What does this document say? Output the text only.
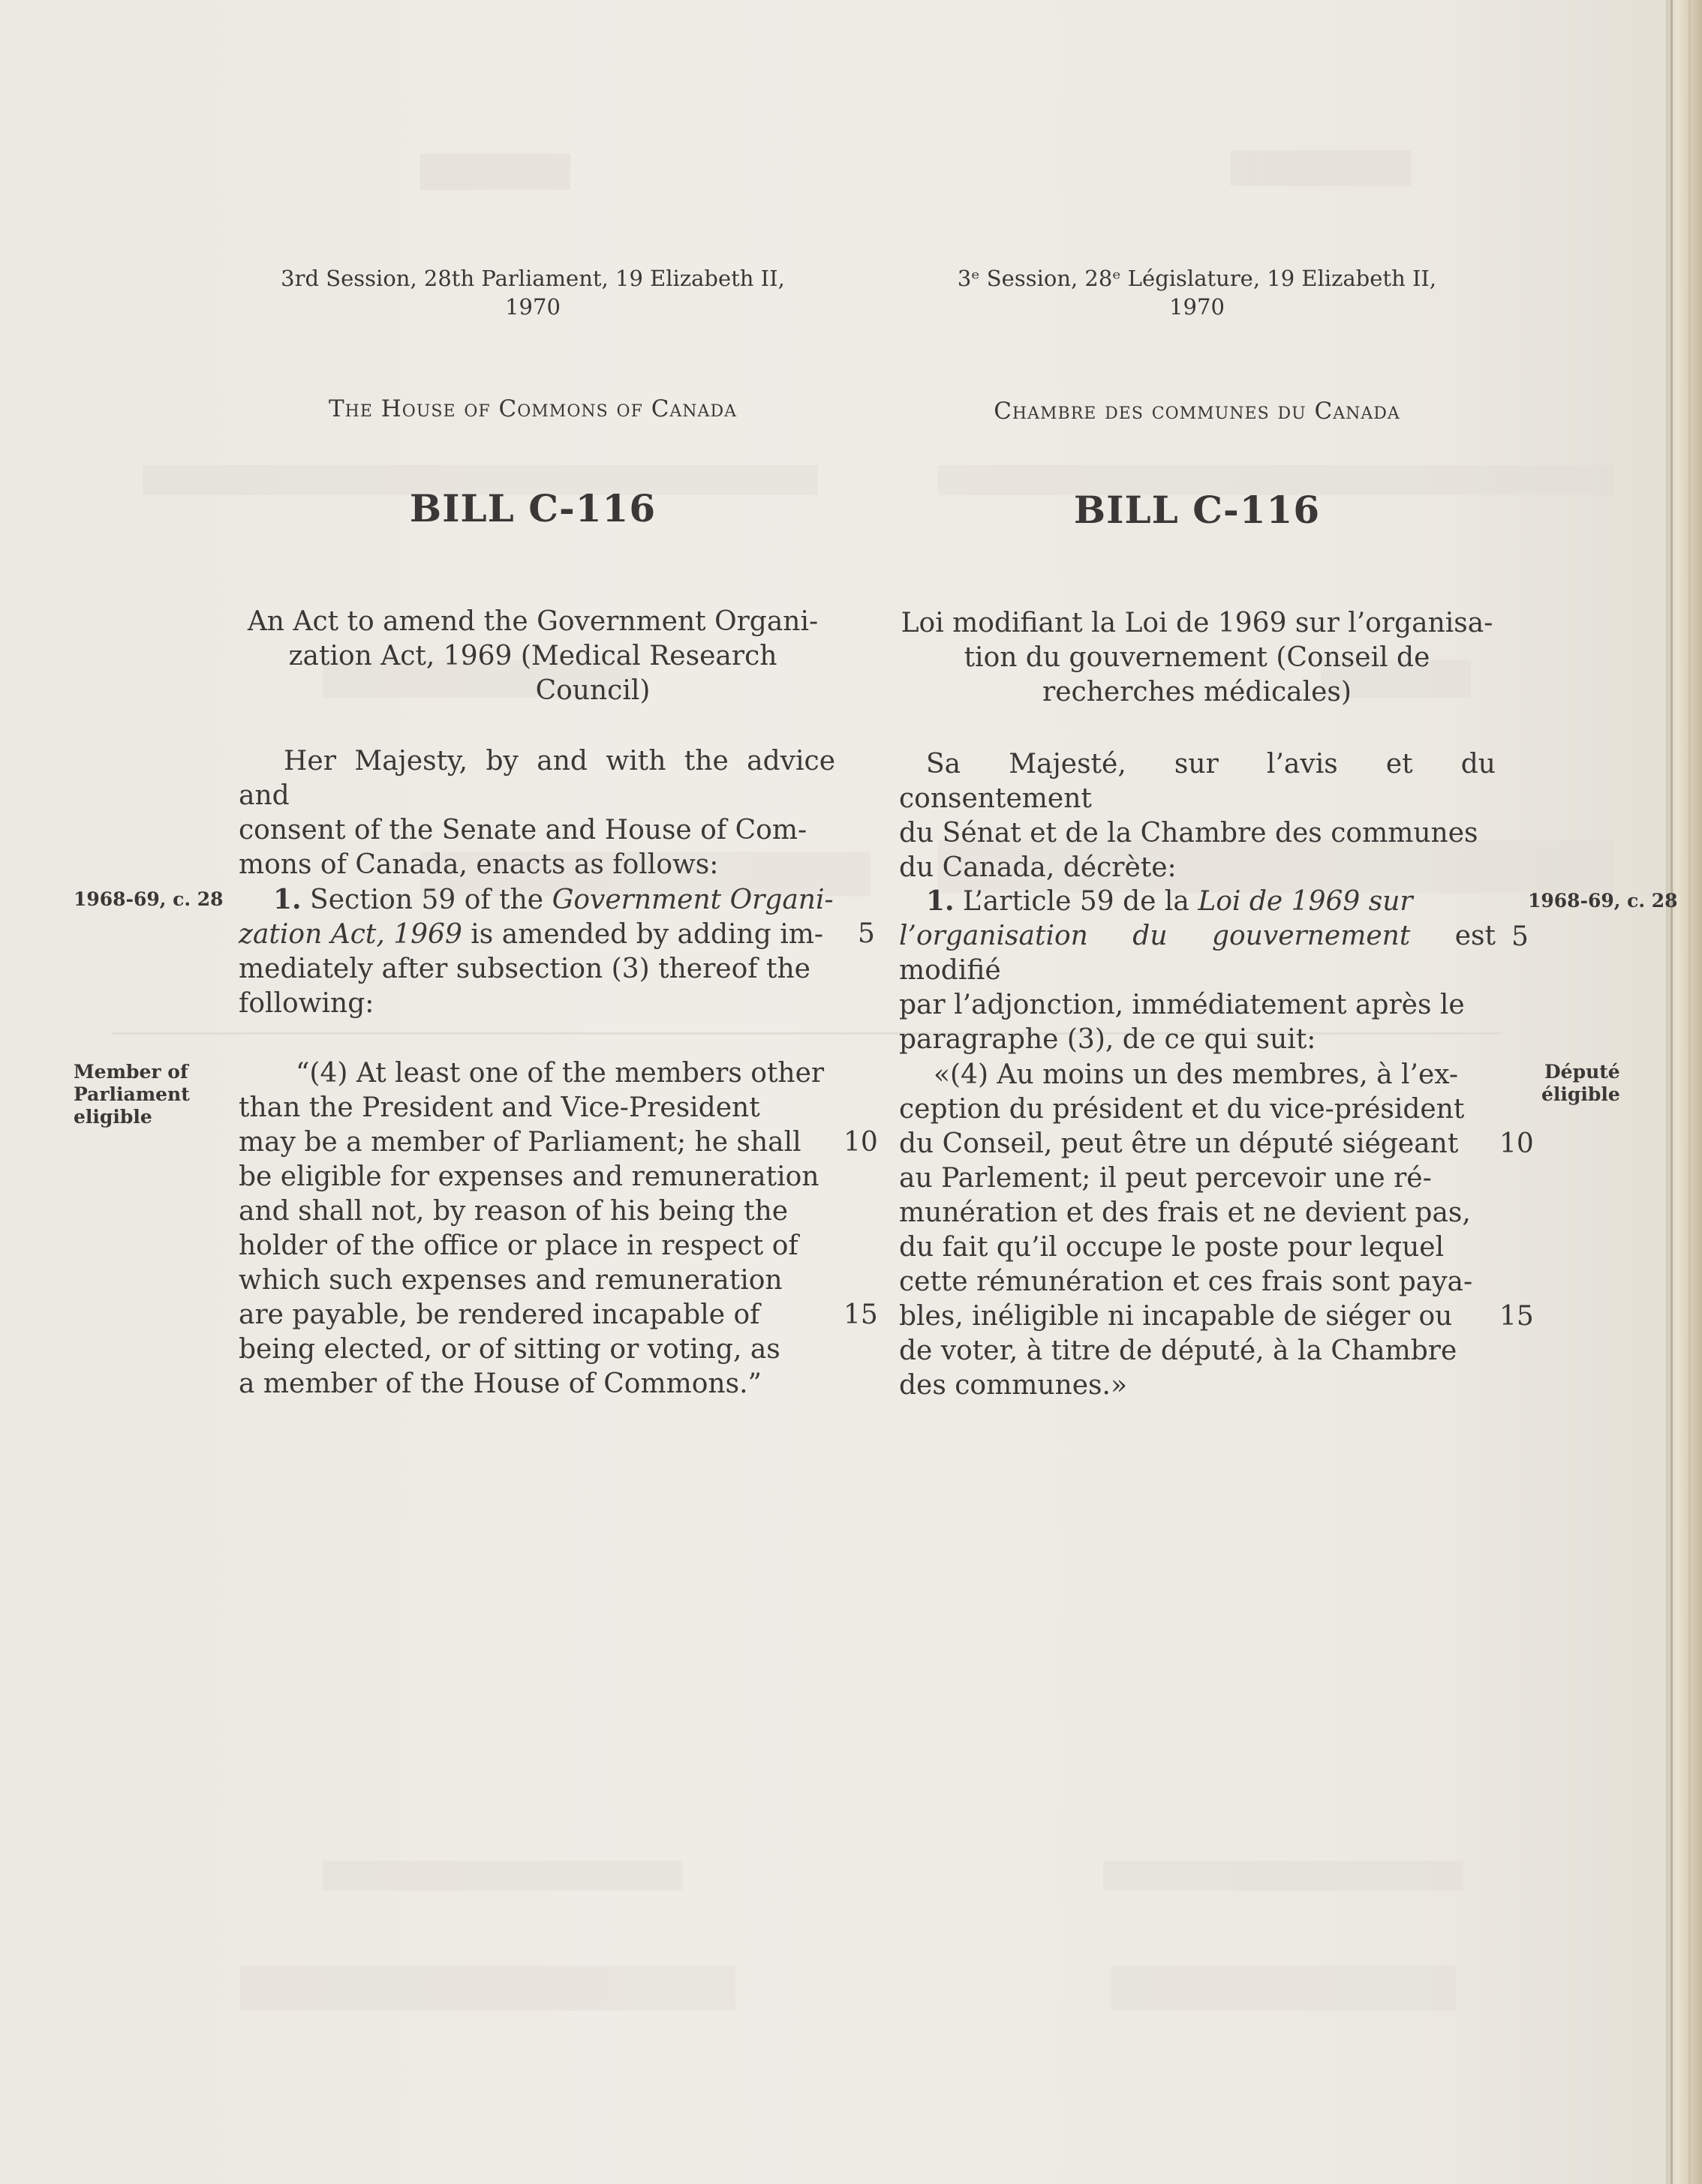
3rd Session, 28th Parliament, 19 Elizabeth II,
1970
The House of Commons of Canada
BILL C-116
An Act to amend the Government Organi-
zation Act, 1969 (Medical Research
Council)

Her Majesty, by and with the advice and

consent of the Senate and House of Com-

mons of Canada, enacts as follows:

1. Section 59 of the Government Organi-

zation Act, 1969 is amended by adding im-

mediately after subsection (3) thereof the

following:

“(4) At least one of the members other

than the President and Vice-President

may be a member of Parliament; he shall

be eligible for expenses and remuneration

and shall not, by reason of his being the

holder of the office or place in respect of

which such expenses and remuneration

are payable, be rendered incapable of

being elected, or of sitting or voting, as

a member of the House of Commons.”

1968-69, c. 28
Member of
Parliament
eligible
5
10
15
3ᵉ Session, 28ᵉ Législature, 19 Elizabeth II,
1970
Chambre des communes du Canada
BILL C-116
Loi modifiant la Loi de 1969 sur l’organisa-
tion du gouvernement (Conseil de
recherches médicales)

Sa Majesté, sur l’avis et du consentement

du Sénat et de la Chambre des communes

du Canada, décrète:

1. L’article 59 de la Loi de 1969 sur

l’organisation du gouvernement est modifié

par l’adjonction, immédiatement après le

paragraphe (3), de ce qui suit:

«(4) Au moins un des membres, à l’ex-

ception du président et du vice-président

du Conseil, peut être un député siégeant

au Parlement; il peut percevoir une ré-

munération et des frais et ne devient pas,

du fait qu’il occupe le poste pour lequel

cette rémunération et ces frais sont paya-

bles, inéligible ni incapable de siéger ou

de voter, à titre de député, à la Chambre

des communes.»

5
10
15
1968-69, c. 28
Député
éligible
